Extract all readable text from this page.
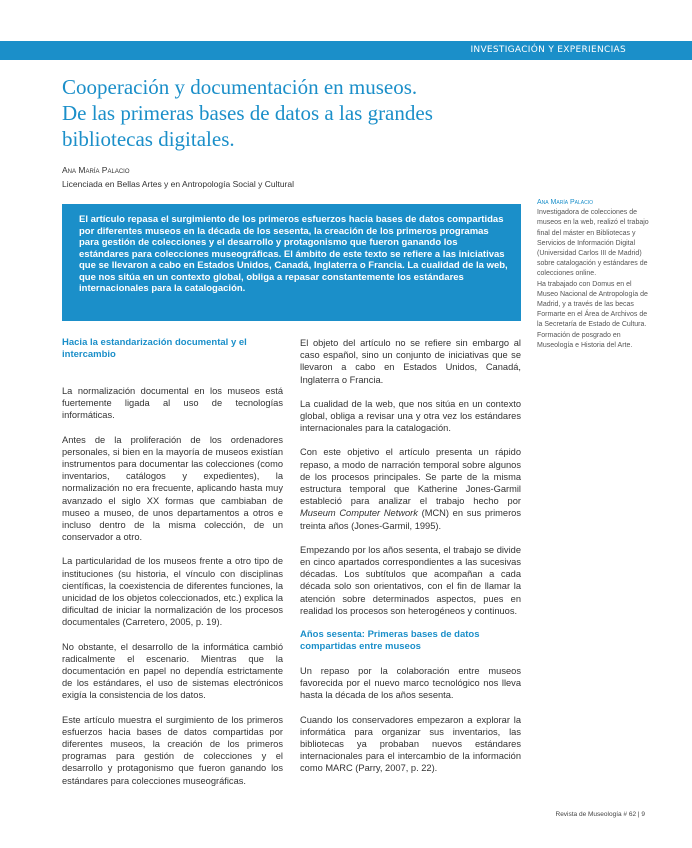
INVESTIGACIÓN Y EXPERIENCIAS
Cooperación y documentación en museos.
De las primeras bases de datos a las grandes
bibliotecas digitales.
Ana María Palacio
Licenciada en Bellas Artes y en Antropología Social y Cultural

El artículo repasa el surgimiento de los primeros esfuerzos hacia bases de datos compartidas por diferentes museos en la década de los sesenta, la creación de los primeros programas para gestión de colecciones y el desarrollo y protagonismo que fueron ganando los estándares para colecciones museográficas. El ámbito de este texto se refiere a las iniciativas que se llevaron a cabo en Estados Unidos, Canadá, Inglaterra o Francia. La cualidad de la web, que nos sitúa en un contexto global, obliga a repasar constantemente los estándares internacionales para la catalogación.

Ana María Palacio

Investigadora de colecciones de museos en la web, realizó el trabajo final del máster en Bibliotecas y Servicios de Información Digital (Universidad Carlos III de Madrid) sobre catalogación y estándares de colecciones online.

Ha trabajado con Domus en el Museo Nacional de Antropología de Madrid, y a través de las becas Formarte en el Área de Archivos de la Secretaría de Estado de Cultura.

Formación de posgrado en Museología e Historia del Arte.

Hacia la estandarización documental y el intercambio

La normalización documental en los museos está fuertemente ligada al uso de tecnologías informáticas.

Antes de la proliferación de los ordenadores personales, si bien en la mayoría de museos existían instrumentos para documentar las colecciones (como inventarios, catálogos y expedientes), la normalización no era frecuente, aplicando hasta muy avanzado el siglo XX formas que cambiaban de museo a museo, de unos departamentos a otros e incluso dentro de la misma colección, de un conservador a otro.

La particularidad de los museos frente a otro tipo de instituciones (su historia, el vínculo con disciplinas científicas, la coexistencia de diferentes funciones, la unicidad de los objetos coleccionados, etc.) explica la dificultad de iniciar la normalización de los procesos documentales (Carretero, 2005, p. 19).

No obstante, el desarrollo de la informática cambió radicalmente el escenario. Mientras que la documentación en papel no dependía estrictamente de los estándares, el uso de sistemas electrónicos exigía la consistencia de los datos.

Este artículo muestra el surgimiento de los primeros esfuerzos hacia bases de datos compartidas por diferentes museos, la creación de los primeros programas para gestión de colecciones y el desarrollo y protagonismo que fueron ganando los estándares para colecciones museográficas.

El objeto del artículo no se refiere sin embargo al caso español, sino un conjunto de iniciativas que se llevaron a cabo en Estados Unidos, Canadá, Inglaterra o Francia.

La cualidad de la web, que nos sitúa en un contexto global, obliga a revisar una y otra vez los estándares internacionales para la catalogación.

Con este objetivo el artículo presenta un rápido repaso, a modo de narración temporal sobre algunos de los procesos principales. Se parte de la misma estructura temporal que Katherine Jones-Garmil estableció para analizar el trabajo hecho por Museum Computer Network (MCN) en sus primeros treinta años (Jones-Garmil, 1995).

Empezando por los años sesenta, el trabajo se divide en cinco apartados correspondientes a las sucesivas décadas. Los subtítulos que acompañan a cada década solo son orientativos, con el fin de llamar la atención sobre determinados aspectos, pues en realidad los procesos son heterogéneos y continuos.

Años sesenta: Primeras bases de datos compartidas entre museos

Un repaso por la colaboración entre museos favorecida por el nuevo marco tecnológico nos lleva hasta la década de los años sesenta.

Cuando los conservadores empezaron a explorar la informática para organizar sus inventarios, las bibliotecas ya probaban nuevos estándares internacionales para el intercambio de la información como MARC (Parry, 2007, p. 22).

Revista de Museología # 62 | 9
